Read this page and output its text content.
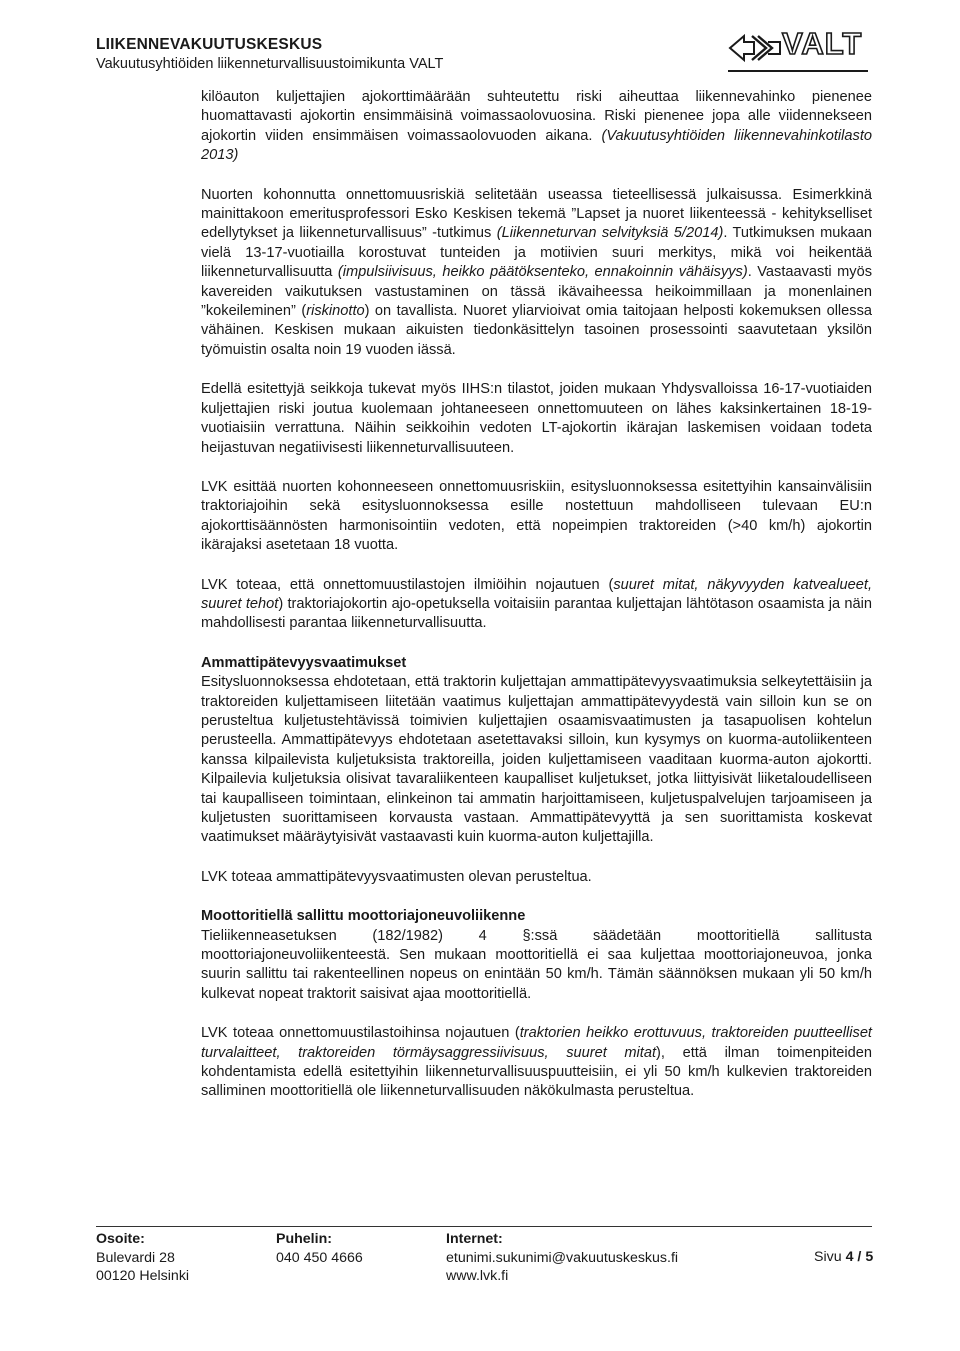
LIIKENNEVAKUUTUSKESKUS
Vakuutusyhtiöiden liikenneturvallisuustoimikunta VALT
VALT

kilöauton kuljettajien ajokorttimäärään suhteutettu riski aiheuttaa liikennevahinko pienenee huomattavasti ajokortin ensimmäisinä voimassaolovuosina. Riski pienenee jopa alle viidennekseen ajokortin viiden ensimmäisen voimassaolovuoden aikana. (Vakuutusyhtiöiden liikennevahinkotilasto 2013)

Nuorten kohonnutta onnettomuusriskiä selitetään useassa tieteellisessä julkaisussa. Esimerkkinä mainittakoon emeritusprofessori Esko Keskisen tekemä ”Lapset ja nuoret liikenteessä - kehitykselliset edellytykset ja liikenneturvallisuus” -tutkimus (Liikenneturvan selvityksiä 5/2014). Tutkimuksen mukaan vielä 13-17-vuotiailla korostuvat tunteiden ja motiivien suuri merkitys, mikä voi heikentää liikenneturvallisuutta (impulsiivisuus, heikko päätöksenteko, ennakoinnin vähäisyys). Vastaavasti myös kavereiden vaikutuksen vastustaminen on tässä ikävaiheessa heikoimmillaan ja monenlainen ”kokeileminen” (riskinotto) on tavallista. Nuoret yliarvioivat omia taitojaan helposti kokemuksen ollessa vähäinen. Keskisen mukaan aikuisten tiedonkäsittelyn tasoinen prosessointi saavutetaan yksilön työmuistin osalta noin 19 vuoden iässä.

Edellä esitettyjä seikkoja tukevat myös IIHS:n tilastot, joiden mukaan Yhdysvalloissa 16-17-vuotiaiden kuljettajien riski joutua kuolemaan johtaneeseen onnettomuuteen on lähes kaksinkertainen 18-19-vuotiaisiin verrattuna. Näihin seikkoihin vedoten LT-ajokortin ikärajan laskemisen voidaan todeta heijastuvan negatiivisesti liikenneturvallisuuteen.

LVK esittää nuorten kohonneeseen onnettomuusriskiin, esitysluonnoksessa esitettyihin kansainvälisiin traktoriajoihin sekä esitysluonnoksessa esille nostettuun mahdolliseen tulevaan EU:n ajokorttisäännösten harmonisointiin vedoten, että nopeimpien traktoreiden (>40 km/h) ajokortin ikärajaksi asetetaan 18 vuotta.

LVK toteaa, että onnettomuustilastojen ilmiöihin nojautuen (suuret mitat, näkyvyyden katvealueet, suuret tehot) traktoriajokortin ajo-opetuksella voitaisiin parantaa kuljettajan lähtötason osaamista ja näin mahdollisesti parantaa liikenneturvallisuutta.

Ammattipätevyysvaatimukset

Esitysluonnoksessa ehdotetaan, että traktorin kuljettajan ammattipätevyysvaatimuksia selkeytettäisiin ja traktoreiden kuljettamiseen liitetään vaatimus kuljettajan ammattipätevyydestä vain silloin kun se on perusteltua kuljetustehtävissä toimivien kuljettajien osaamisvaatimusten ja tasapuolisen kohtelun perusteella. Ammattipätevyys ehdotetaan asetettavaksi silloin, kun kysymys on kuorma-autoliikenteen kanssa kilpailevista kuljetuksista traktoreilla, joiden kuljettamiseen vaaditaan kuorma-auton ajokortti. Kilpailevia kuljetuksia olisivat tavaraliikenteen kaupalliset kuljetukset, jotka liittyisivät liiketaloudelliseen tai kaupalliseen toimintaan, elinkeinon tai ammatin harjoittamiseen, kuljetuspalvelujen tarjoamiseen ja kuljetusten suorittamiseen korvausta vastaan. Ammattipätevyyttä ja sen suorittamista koskevat vaatimukset määräytyisivät vastaavasti kuin kuorma-auton kuljettajilla.

LVK toteaa ammattipätevyysvaatimusten olevan perusteltua.

Moottoritiellä sallittu moottoriajoneuvoliikenne

Tieliikenneasetuksen (182/1982) 4 §:ssä säädetään moottoritiellä sallitusta moottoriajoneuvoliikenteestä. Sen mukaan moottoritiellä ei saa kuljettaa moottoriajoneuvoa, jonka suurin sallittu tai rakenteellinen nopeus on enintään 50 km/h. Tämän säännöksen mukaan yli 50 km/h kulkevat nopeat traktorit saisivat ajaa moottoritiellä.

LVK toteaa onnettomuustilastoihinsa nojautuen (traktorien heikko erottuvuus, traktoreiden puutteelliset turvalaitteet, traktoreiden törmäysaggressiivisuus, suuret mitat), että ilman toimenpiteiden kohdentamista edellä esitettyihin liikenneturvallisuuspuutteisiin, ei yli 50 km/h kulkevien traktoreiden salliminen moottoritiellä ole liikenneturvallisuuden näkökulmasta perusteltua.

Osoite:
Bulevardi 28
00120 Helsinki
Puhelin:
040 450 4666
Internet:
etunimi.sukunimi@vakuutuskeskus.fi
www.lvk.fi
Sivu 4 / 5
